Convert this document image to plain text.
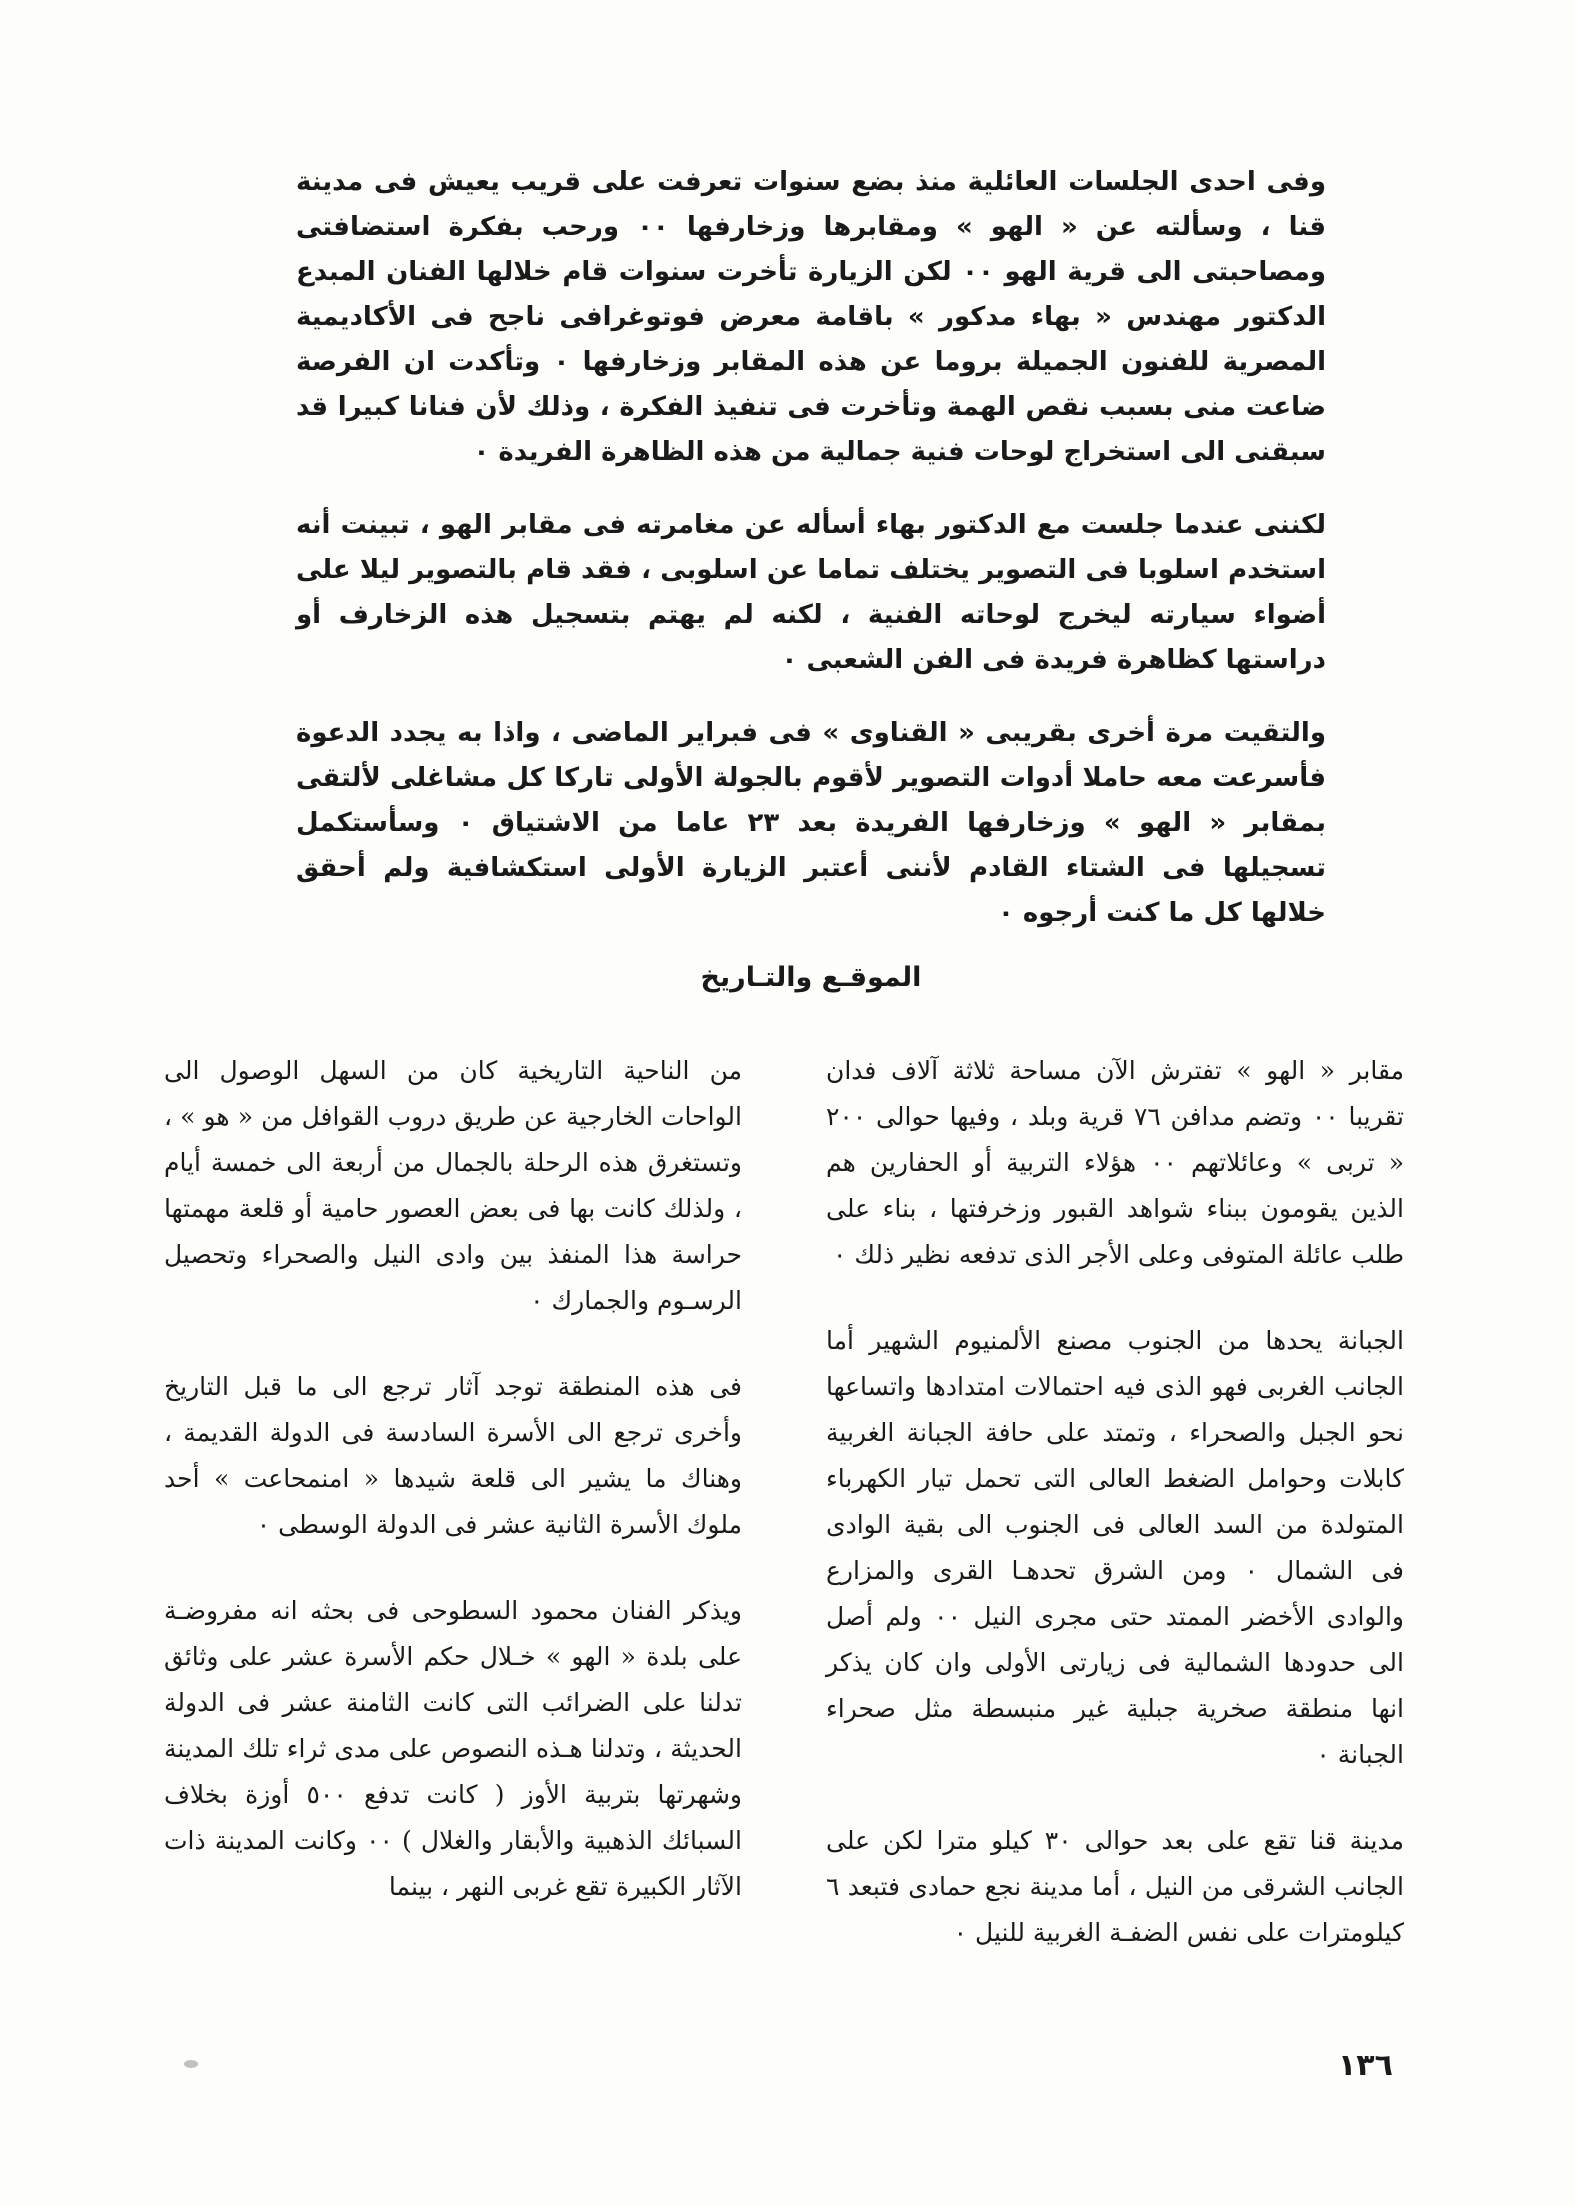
وفى احدى الجلسات العائلية منذ بضع سنوات تعرفت على قريب يعيش فى مدينة قنا ، وسألته عن « الهو » ومقابرها وزخارفها ٠٠ ورحب بفكرة استضافتى ومصاحبتى الى قرية الهو ٠٠ لكن الزيارة تأخرت سنوات قام خلالها الفنان المبدع الدكتور مهندس « بهاء مدكور » باقامة معرض فوتوغرافى ناجح فى الأكاديمية المصرية للفنون الجميلة بروما عن هذه المقابر وزخارفها ٠ وتأكدت ان الفرصة ضاعت منى بسبب نقص الهمة وتأخرت فى تنفيذ الفكرة ، وذلك لأن فنانا كبيرا قد سبقنى الى استخراج لوحات فنية جمالية من هذه الظاهرة الفريدة ٠

لكننى عندما جلست مع الدكتور بهاء أسأله عن مغامرته فى مقابر الهو ، تبينت أنه استخدم اسلوبا فى التصوير يختلف تماما عن اسلوبى ، فقد قام بالتصوير ليلا على أضواء سيارته ليخرج لوحاته الفنية ، لكنه لم يهتم بتسجيل هذه الزخارف أو دراستها كظاهرة فريدة فى الفن الشعبى ٠

والتقيت مرة أخرى بقريبى « القناوى » فى فبراير الماضى ، واذا به يجدد الدعوة فأسرعت معه حاملا أدوات التصوير لأقوم بالجولة الأولى تاركا كل مشاغلى لألتقى بمقابر « الهو » وزخارفها الفريدة بعد ٢٣ عاما من الاشتياق ٠ وسأستكمل تسجيلها فى الشتاء القادم لأننى أعتبر الزيارة الأولى استكشافية ولم أحقق خلالها كل ما كنت أرجوه ٠

الموقـع والتـاريخ

مقابر « الهو » تفترش الآن مساحة ثلاثة آلاف فدان تقريبا ٠٠ وتضم مدافن ٧٦ قرية وبلد ، وفيها حوالى ٢٠٠ « تربى » وعائلاتهم ٠٠ هؤلاء التربية أو الحفارين هم الذين يقومون ببناء شواهد القبور وزخرفتها ، بناء على طلب عائلة المتوفى وعلى الأجر الذى تدفعه نظير ذلك ٠

الجبانة يحدها من الجنوب مصنع الألمنيوم الشهير أما الجانب الغربى فهو الذى فيه احتمالات امتدادها واتساعها نحو الجبل والصحراء ، وتمتد على حافة الجبانة الغربية كابلات وحوامل الضغط العالى التى تحمل تيار الكهرباء المتولدة من السد العالى فى الجنوب الى بقية الوادى فى الشمال ٠ ومن الشرق تحدهـا القرى والمزارع والوادى الأخضر الممتد حتى مجرى النيل ٠٠ ولم أصل الى حدودها الشمالية فى زيارتى الأولى وان كان يذكر انها منطقة صخرية جبلية غير منبسطة مثل صحراء الجبانة ٠

مدينة قنا تقع على بعد حوالى ٣٠ كيلو مترا لكن على الجانب الشرقى من النيل ، أما مدينة نجع حمادى فتبعد ٦ كيلومترات على نفس الضفـة الغربية للنيل ٠

من الناحية التاريخية كان من السهل الوصول الى الواحات الخارجية عن طريق دروب القوافل من « هو » ، وتستغرق هذه الرحلة بالجمال من أربعة الى خمسة أيام ، ولذلك كانت بها فى بعض العصور حامية أو قلعة مهمتها حراسة هذا المنفذ بين وادى النيل والصحراء وتحصيل الرسـوم والجمارك ٠

فى هذه المنطقة توجد آثار ترجع الى ما قبل التاريخ وأخرى ترجع الى الأسرة السادسة فى الدولة القديمة ، وهناك ما يشير الى قلعة شيدها « امنمحاعت » أحد ملوك الأسرة الثانية عشر فى الدولة الوسطى ٠

ويذكر الفنان محمود السطوحى فى بحثه انه مفروضـة على بلدة « الهو » خـلال حكم الأسرة عشر على وثائق تدلنا على الضرائب التى كانت الثامنة عشر فى الدولة الحديثة ، وتدلنا هـذه النصوص على مدى ثراء تلك المدينة وشهرتها بتربية الأوز ( كانت تدفع ٥٠٠ أوزة بخلاف السبائك الذهبية والأبقار والغلال ) ٠٠ وكانت المدينة ذات الآثار الكبيرة تقع غربى النهر ، بينما

١٣٦
